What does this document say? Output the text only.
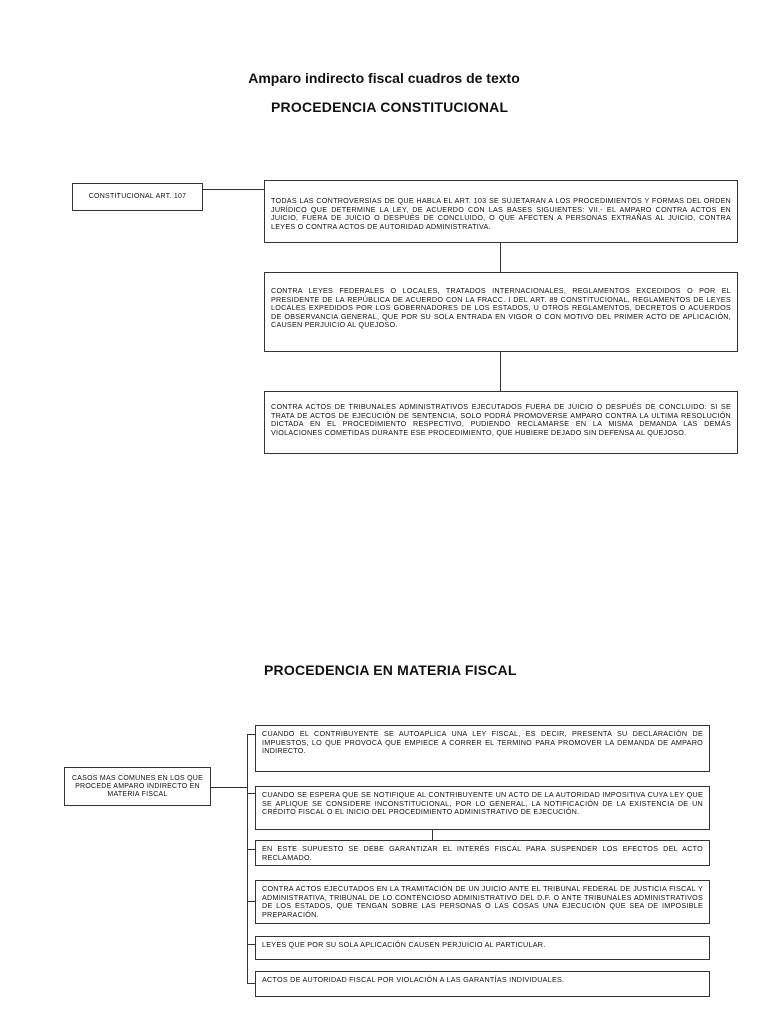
Amparo indirecto fiscal cuadros de texto
PROCEDENCIA CONSTITUCIONAL
CONSTITUCIONAL ART. 107	TODAS LAS CONTROVERSIAS DE QUE HABLA EL ART. 103 SE SUJETARAN A LOS PROCEDIMIENTOS Y FORMAS DEL ORDEN JURÍDICO QUE DETERMINE LA LEY, DE ACUERDO CON LAS BASES SIGUIENTES: VII.- EL AMPARO CONTRA ACTOS EN JUICIO, FUERA DE JUICIO O DESPUÉS DE CONCLUIDO, O QUE AFECTEN A PERSONAS EXTRAÑAS AL JUICIO, CONTRA LEYES O CONTRA ACTOS DE AUTORIDAD ADMINISTRATIVA.
CONTRA LEYES FEDERALES O LOCALES, TRATADOS INTERNACIONALES, REGLAMENTOS EXCEDIDOS O POR EL PRESIDENTE DE LA REPÚBLICA DE ACUERDO CON LA FRACC. I DEL ART. 89 CONSTITUCIONAL, REGLAMENTOS DE LEYES LOCALES EXPEDIDOS POR LOS GOBERNADORES DE LOS ESTADOS, U OTROS REGLAMENTOS, DECRETOS O ACUERDOS DE OBSERVANCIA GENERAL, QUE POR SU SOLA ENTRADA EN VIGOR O CON MOTIVO DEL PRIMER ACTO DE APLICACIÓN, CAUSEN PERJUICIO AL QUEJOSO.
CONTRA ACTOS DE TRIBUNALES ADMINISTRATIVOS EJECUTADOS FUERA DE JUICIO O DESPUÉS DE CONCLUIDO: SI SE TRATA DE ACTOS DE EJECUCIÓN DE SENTENCIA, SOLO PODRÁ PROMOVERSE AMPARO CONTRA LA ULTIMA RESOLUCIÓN DICTADA EN EL PROCEDIMIENTO RESPECTIVO, PUDIENDO RECLAMARSE EN LA MISMA DEMANDA LAS DEMÁS VIOLACIONES COMETIDAS DURANTE ESE PROCEDIMIENTO, QUE HUBIERE DEJADO SIN DEFENSA AL QUEJOSO.
PROCEDENCIA EN MATERIA FISCAL
CASOS MAS COMUNES EN LOS QUE PROCEDE AMPARO INDIRECTO EN MATERIA FISCAL
CUANDO EL CONTRIBUYENTE SE AUTOAPLICA UNA LEY FISCAL, ES DECIR, PRESENTA SU DECLARACIÓN DE IMPUESTOS, LO QUE PROVOCA QUE EMPIECE A CORRER EL TERMINO PARA PROMOVER LA DEMANDA DE AMPARO INDIRECTO.
CUANDO SE ESPERA QUE SE NOTIFIQUE AL CONTRIBUYENTE UN ACTO DE LA AUTORIDAD IMPOSITIVA CUYA LEY QUE SE APLIQUE SE CONSIDERE INCONSTITUCIONAL, POR LO GENERAL, LA NOTIFICACIÓN DE LA EXISTENCIA DE UN CRÉDITO FISCAL O EL INICIO DEL PROCEDIMIENTO ADMINISTRATIVO DE EJECUCIÓN.
EN ESTE SUPUESTO SE DEBE GARANTIZAR EL INTERÉS FISCAL PARA SUSPENDER LOS EFECTOS DEL ACTO RECLAMADO.
CONTRA ACTOS EJECUTADOS EN LA TRAMITACIÓN DE UN JUICIO ANTE EL TRIBUNAL FEDERAL DE JUSTICIA FISCAL Y ADMINISTRATIVA, TRIBUNAL DE LO CONTENCIOSO ADMINISTRATIVO DEL D.F. O ANTE TRIBUNALES ADMINISTRATIVOS DE LOS ESTADOS, QUE TENGAN SOBRE LAS PERSONAS O LAS COSAS UNA EJECUCIÓN QUE SEA DE IMPOSIBLE PREPARACIÓN.
LEYES QUE POR SU SOLA APLICACIÓN CAUSEN PERJUICIO AL PARTICULAR.
ACTOS DE AUTORIDAD FISCAL POR VIOLACIÓN A LAS GARANTÍAS INDIVIDUALES.
